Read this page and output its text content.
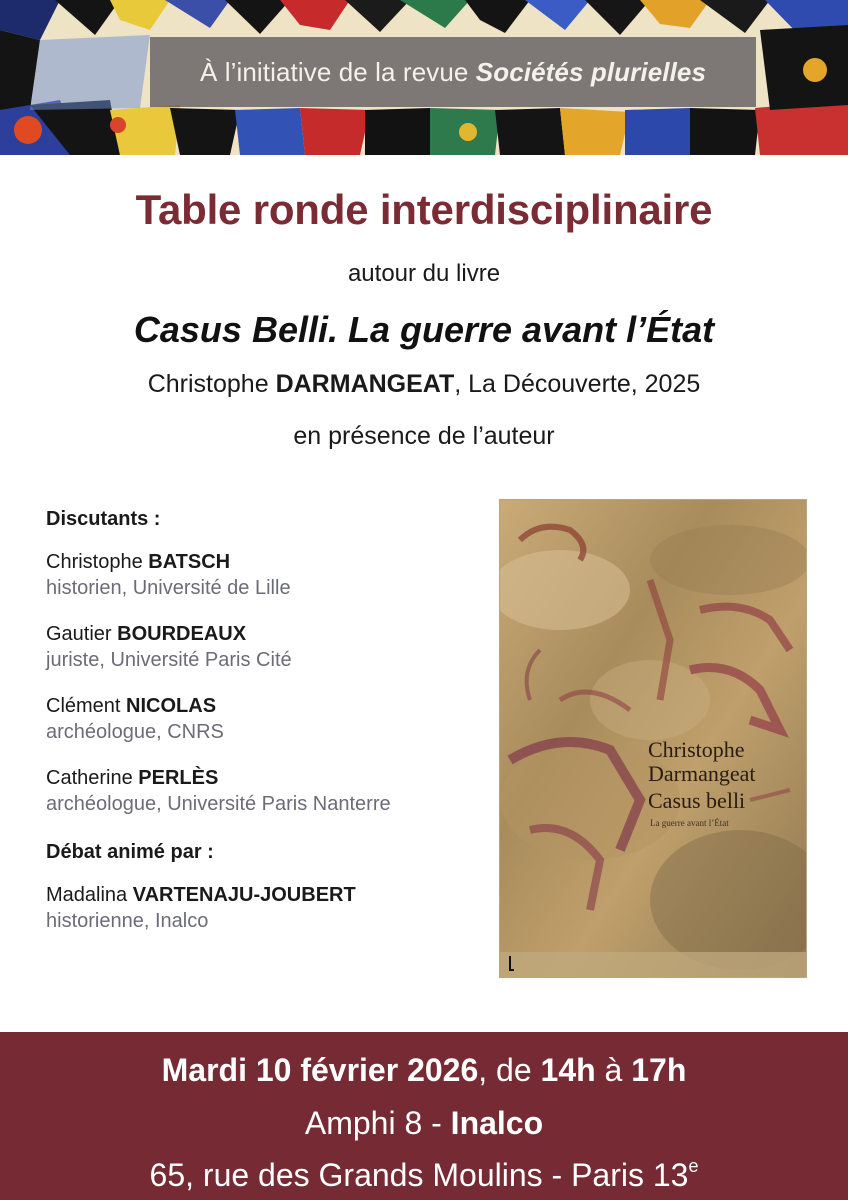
À l’initiative de la revue Sociétés plurielles
Table ronde interdisciplinaire
autour du livre
Casus Belli. La guerre avant l’État
Christophe DARMANGEAT, La Découverte, 2025
en présence de l’auteur
Discutants :
Christophe BATSCH
historien, Université de Lille
Gautier BOURDEAUX
juriste, Université Paris Cité
Clément NICOLAS
archéologue, CNRS
Catherine PERLÈS
archéologue, Université Paris Nanterre
Débat animé par :
Madalina VARTENAJU-JOUBERT
historienne, Inalco
Christophe
Darmangeat
Casus belli
La guerre avant l’État
Mardi 10 février 2026, de 14h à 17h
Amphi 8 - Inalco
65, rue des Grands Moulins - Paris 13e
